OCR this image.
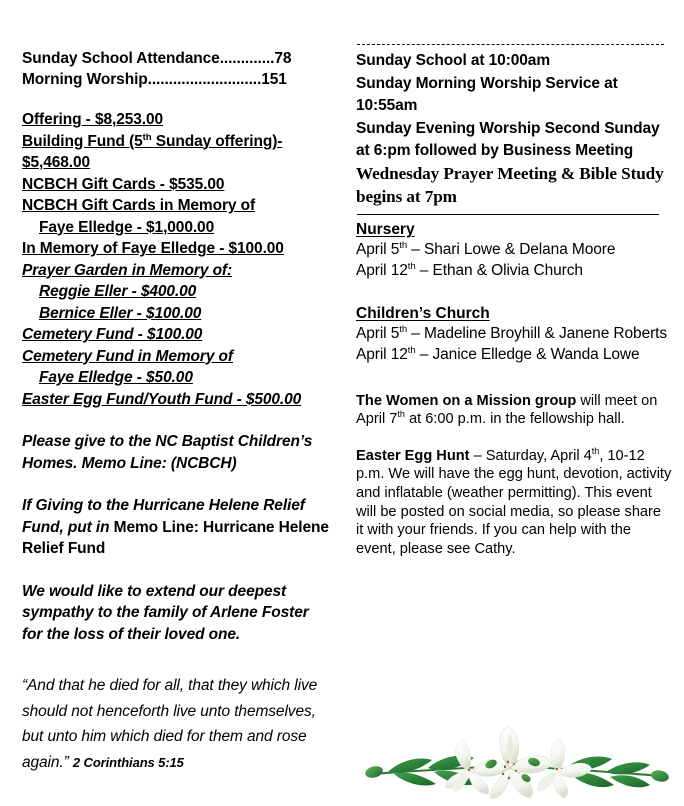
Sunday School Attendance.............78
Morning Worship...........................151
Offering - $8,253.00
Building Fund (5th Sunday offering)-
$5,468.00
NCBCH Gift Cards - $535.00
NCBCH Gift Cards in Memory of
Faye Elledge - $1,000.00
In Memory of Faye Elledge - $100.00
Prayer Garden in Memory of:
Reggie Eller - $400.00
Bernice Eller - $100.00
Cemetery Fund - $100.00
Cemetery Fund in Memory of
Faye Elledge - $50.00
Easter Egg Fund/Youth Fund - $500.00

Please give to the NC Baptist Children’s Homes. Memo Line: (NCBCH)

If Giving to the Hurricane Helene Relief Fund, put in Memo Line: Hurricane Helene Relief Fund

We would like to extend our deepest sympathy to the family of Arlene Foster for the loss of their loved one.

“And that he died for all, that they which live should not henceforth live unto themselves, but unto him which died for them and rose again.” 2 Corinthians 5:15

Sunday School at 10:00am
Sunday Morning Worship Service at 10:55am
Sunday Evening Worship Second Sunday at 6:pm followed by Business Meeting
Wednesday Prayer Meeting & Bible Study begins at 7pm
Nursery
April 5th – Shari Lowe & Delana Moore
April 12th – Ethan & Olivia Church
Children’s Church
April 5th – Madeline Broyhill & Janene Roberts
April 12th – Janice Elledge & Wanda Lowe

The Women on a Mission group will meet on April 7th at 6:00 p.m. in the fellowship hall.

Easter Egg Hunt – Saturday, April 4th, 10-12 p.m. We will have the egg hunt, devotion, activity and inflatable (weather permitting). This event will be posted on social media, so please share it with your friends. If you can help with the event, please see Cathy.
